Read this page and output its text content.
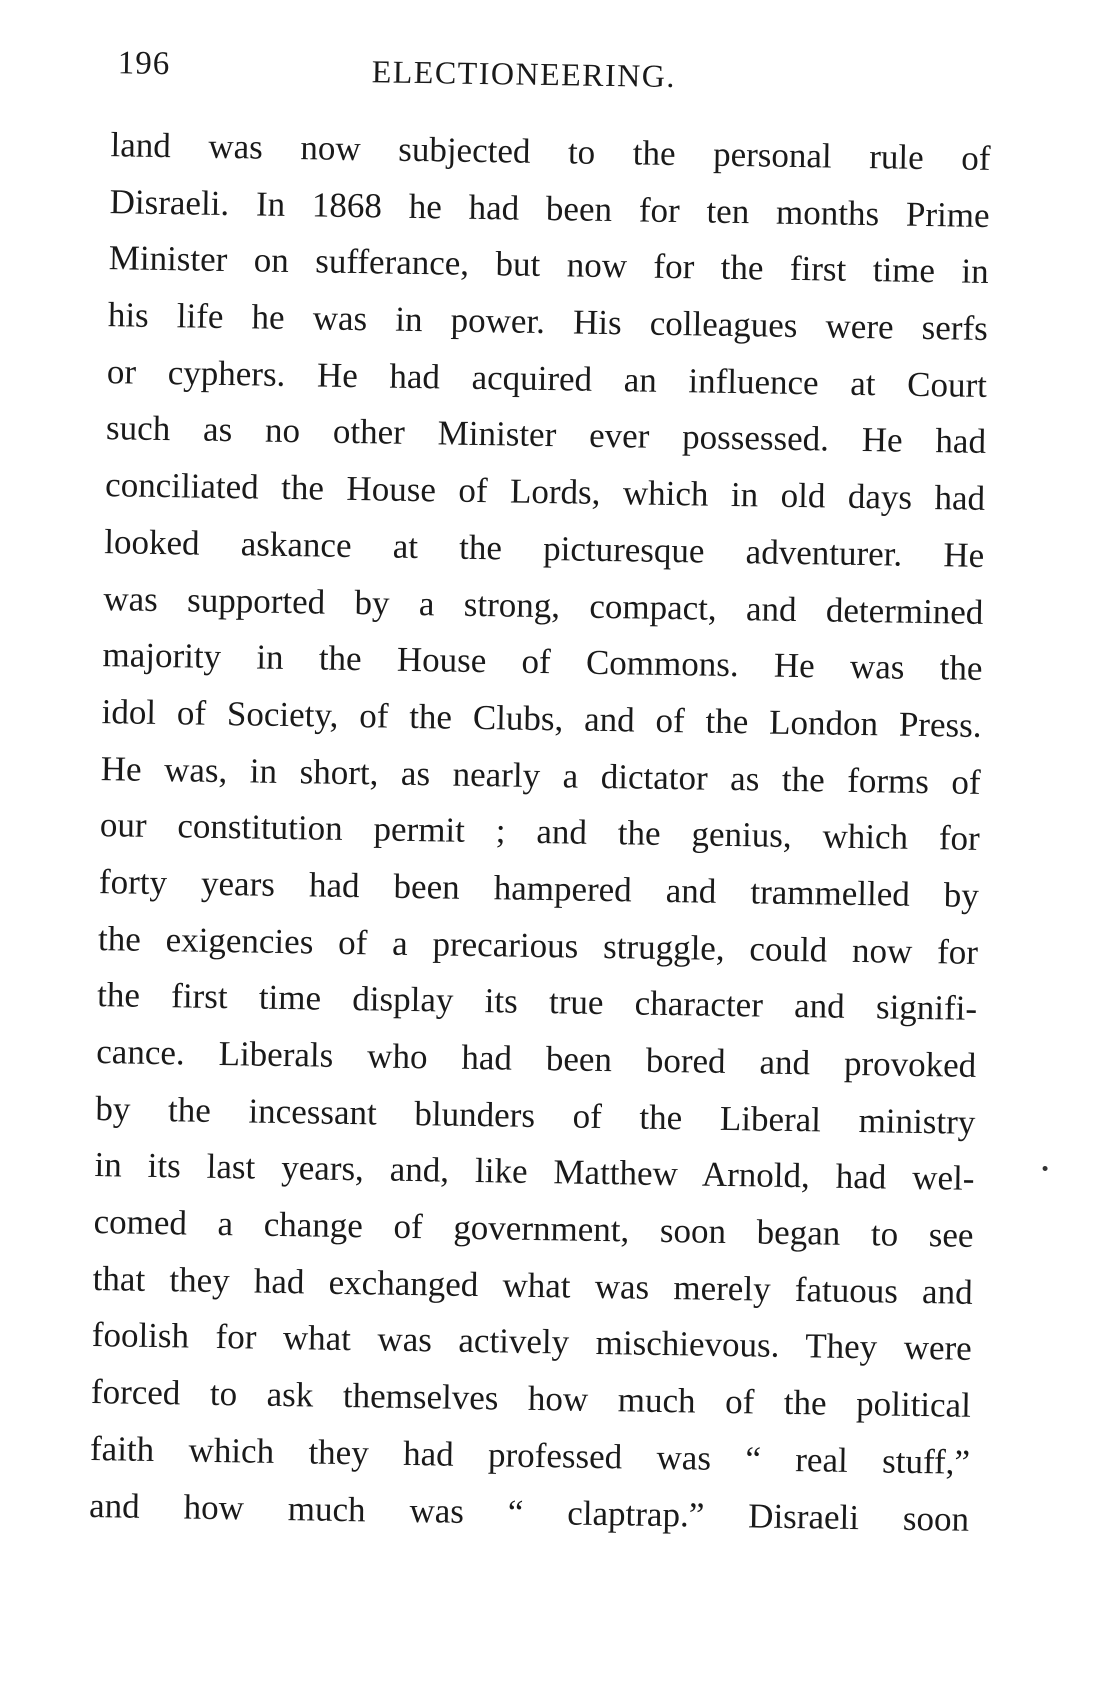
196	ELECTIONEERING.
land was now subjected to the personal rule of
Disraeli. In 1868 he had been for ten months Prime
Minister on sufferance, but now for the first time in
his life he was in power. His colleagues were serfs
or cyphers. He had acquired an influence at Court
such as no other Minister ever possessed. He had
conciliated the House of Lords, which in old days had
looked askance at the picturesque adventurer. He
was supported by a strong, compact, and determined
majority in the House of Commons. He was the
idol of Society, of the Clubs, and of the London Press.
He was, in short, as nearly a dictator as the forms of
our constitution permit ; and the genius, which for
forty years had been hampered and trammelled by
the exigencies of a precarious struggle, could now for
the first time display its true character and signifi-
cance. Liberals who had been bored and provoked
by the incessant blunders of the Liberal ministry
in its last years, and, like Matthew Arnold, had wel-
comed a change of government, soon began to see
that they had exchanged what was merely fatuous and
foolish for what was actively mischievous. They were
forced to ask themselves how much of the political
faith which they had professed was “ real stuff,”
and how much was “ claptrap.” Disraeli soon
